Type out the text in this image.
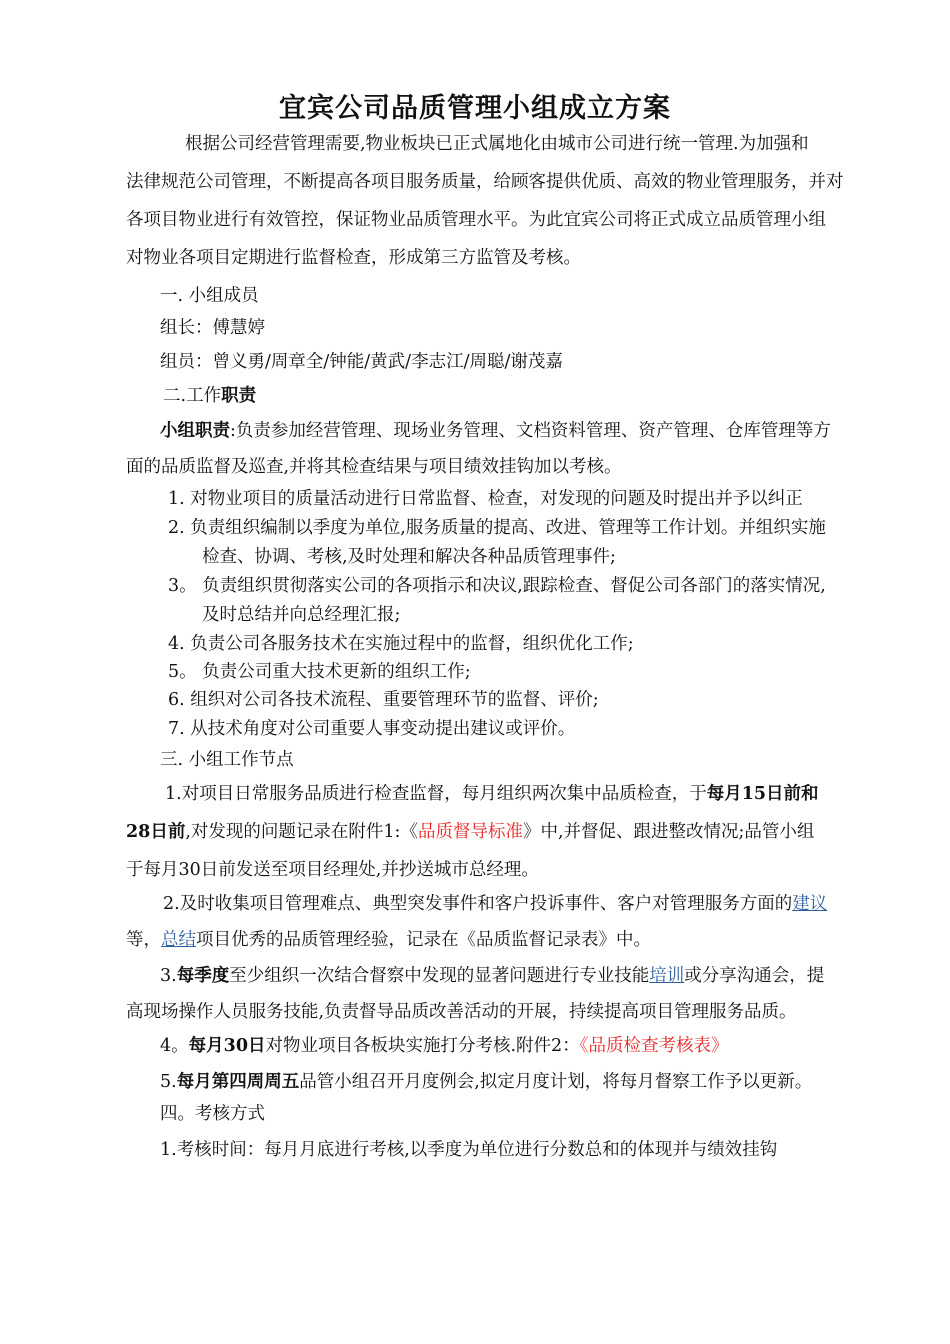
宜宾公司品质管理小组成立方案
根据公司经营管理需要,物业板块已正式属地化由城市公司进行统一管理.为加强和
法律规范公司管理，不断提高各项目服务质量，给顾客提供优质、高效的物业管理服务，并对
各项目物业进行有效管控，保证物业品质管理水平。为此宜宾公司将正式成立品质管理小组
对物业各项目定期进行监督检查，形成第三方监管及考核。
一. 小组成员
组长：傅慧婷
组员：曾义勇/周章全/钟能/黄武/李志江/周聪/谢茂嘉
二.工作职责
小组职责:负责参加经营管理、现场业务管理、文档资料管理、资产管理、仓库管理等方
面的品质监督及巡查,并将其检查结果与项目绩效挂钩加以考核。
1. 对物业项目的质量活动进行日常监督、检查，对发现的问题及时提出并予以纠正
2. 负责组织编制以季度为单位,服务质量的提高、改进、管理等工作计划。并组织实施
检查、协调、考核,及时处理和解决各种品质管理事件;
3。 负责组织贯彻落实公司的各项指示和决议,跟踪检查、督促公司各部门的落实情况,
及时总结并向总经理汇报;
4. 负责公司各服务技术在实施过程中的监督，组织优化工作;
5。 负责公司重大技术更新的组织工作;
6. 组织对公司各技术流程、重要管理环节的监督、评价;
7. 从技术角度对公司重要人事变动提出建议或评价。
三. 小组工作节点
1.对项目日常服务品质进行检查监督，每月组织两次集中品质检查，于每月15日前和
28日前,对发现的问题记录在附件1:《品质督导标准》中,并督促、跟进整改情况;品管小组
于每月30日前发送至项目经理处,并抄送城市总经理。
2.及时收集项目管理难点、典型突发事件和客户投诉事件、客户对管理服务方面的建议
等，总结项目优秀的品质管理经验，记录在《品质监督记录表》中。
3.每季度至少组织一次结合督察中发现的显著问题进行专业技能培训或分享沟通会，提
高现场操作人员服务技能,负责督导品质改善活动的开展，持续提高项目管理服务品质。
4。每月30日对物业项目各板块实施打分考核.附件2：《品质检查考核表》
5.每月第四周周五品管小组召开月度例会,拟定月度计划，将每月督察工作予以更新。
四。考核方式
1.考核时间：每月月底进行考核,以季度为单位进行分数总和的体现并与绩效挂钩
